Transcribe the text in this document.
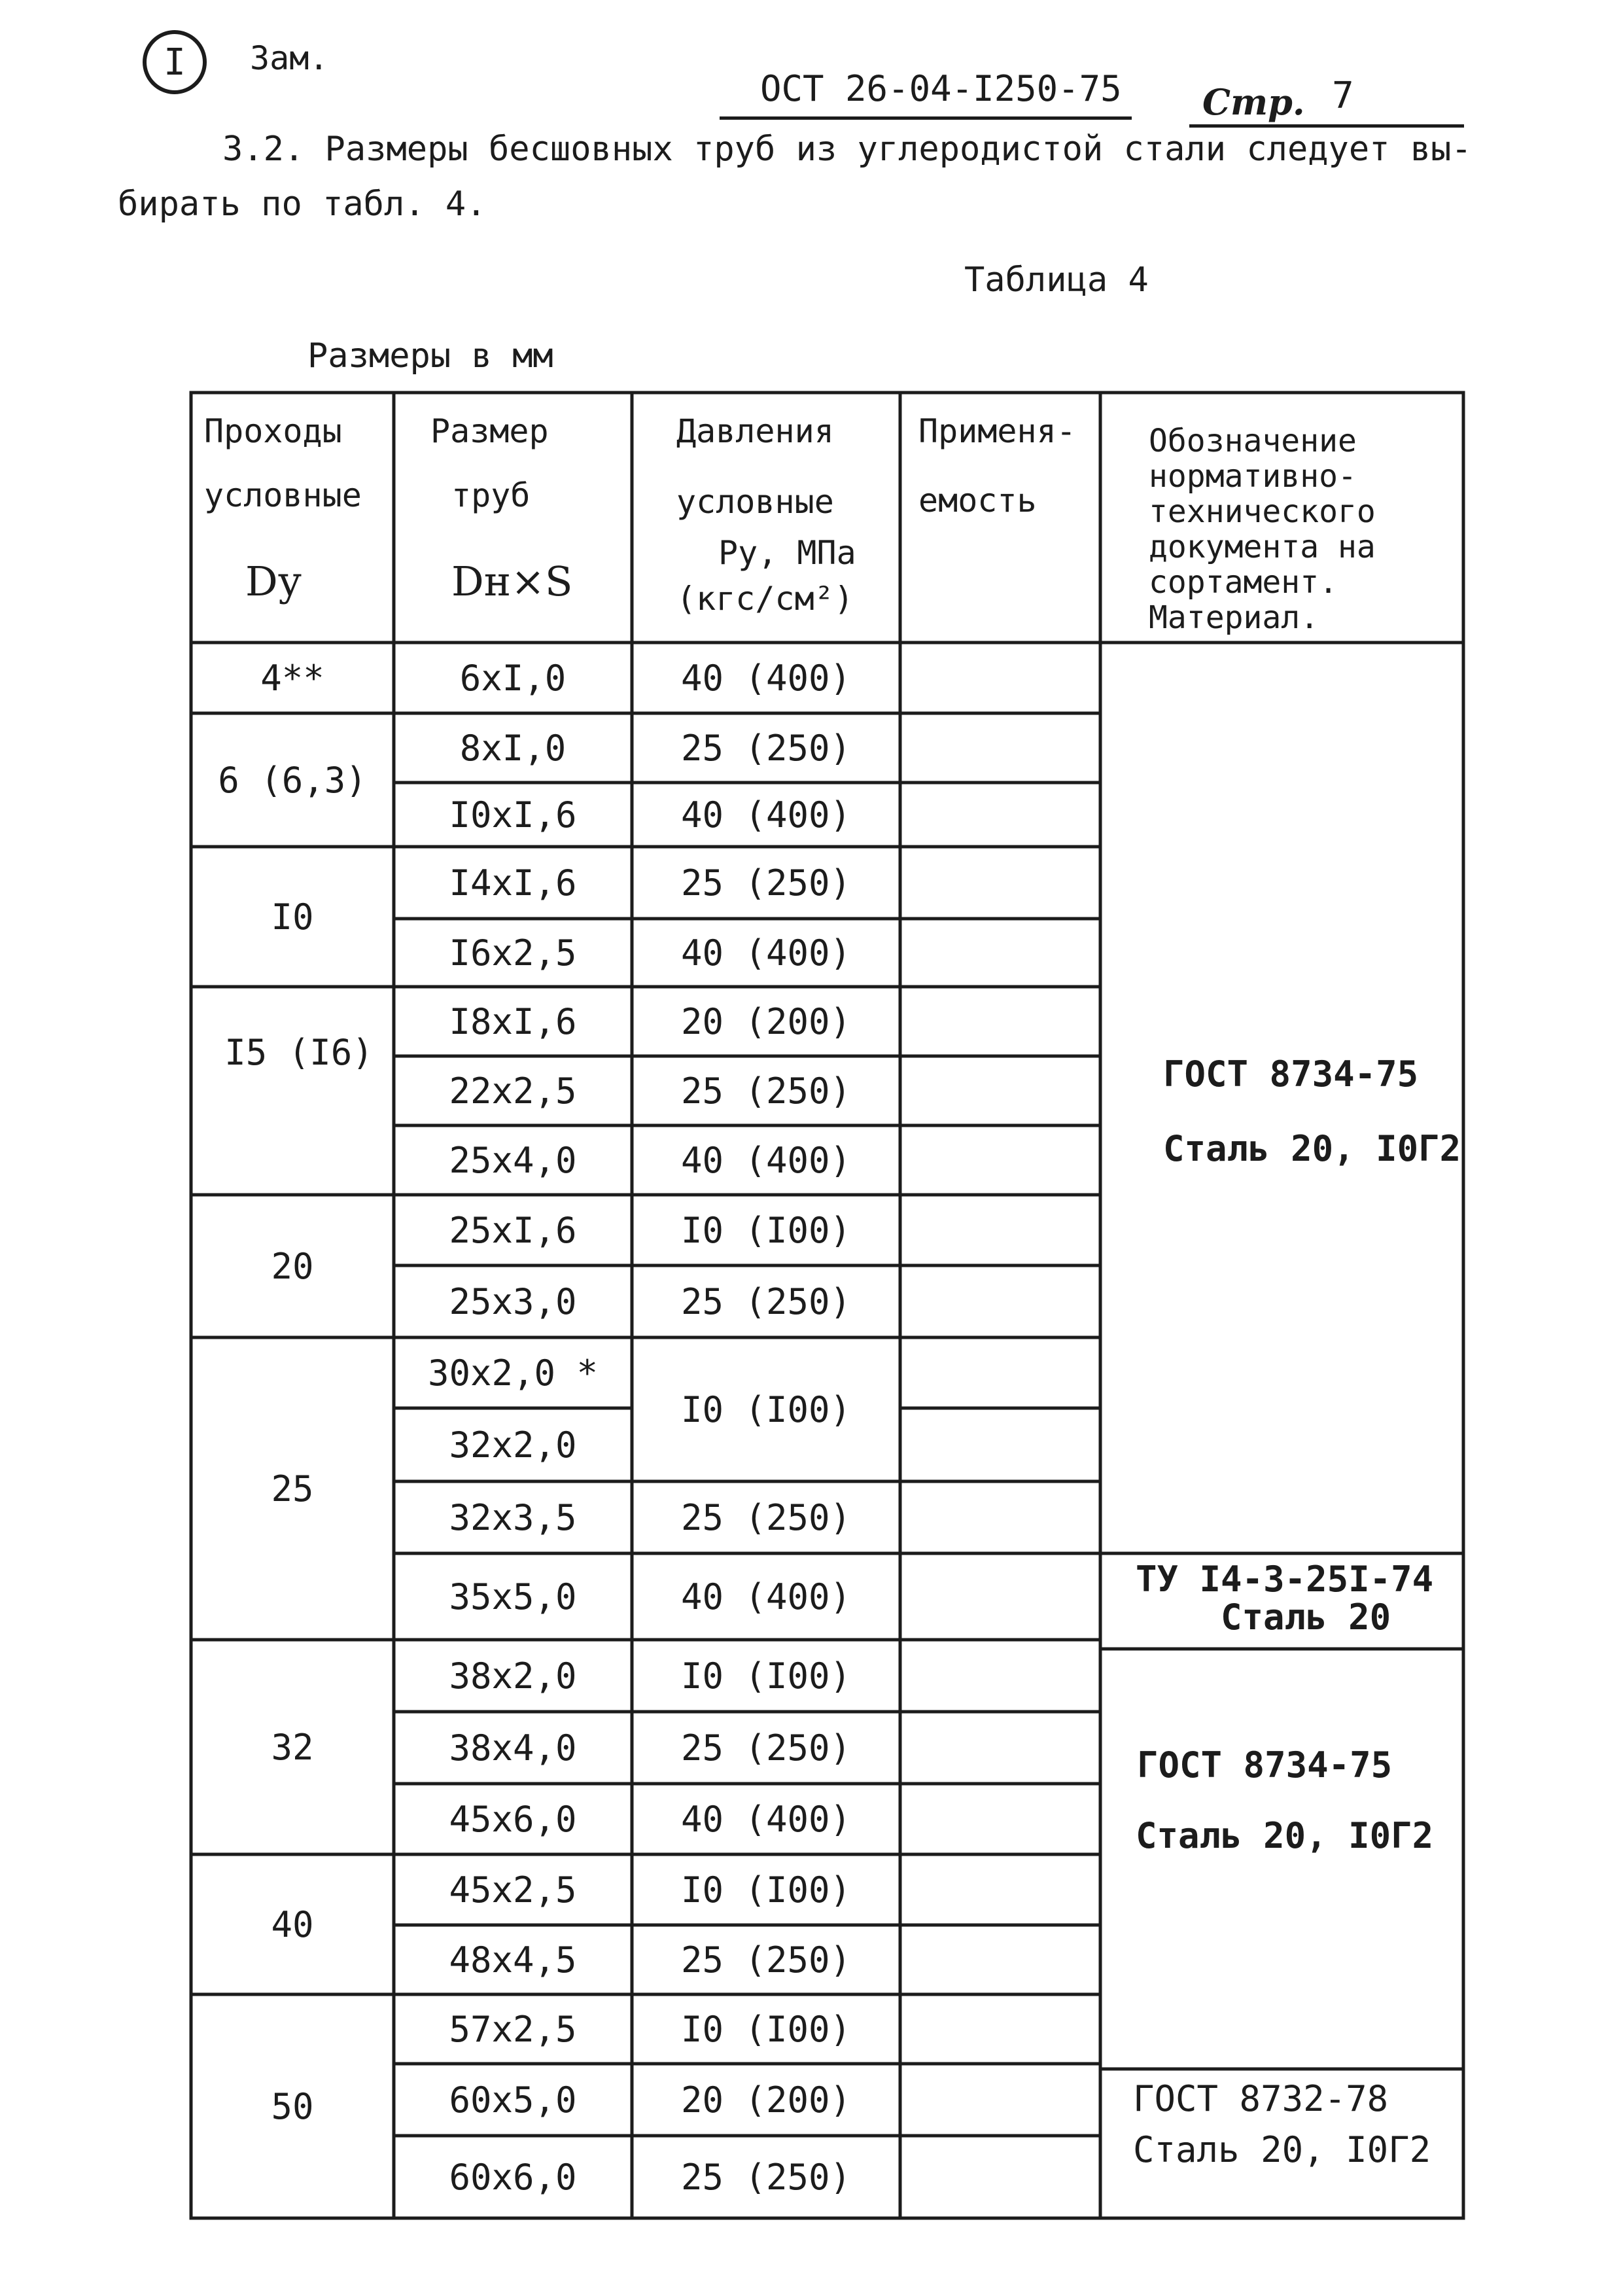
I Зам.
ОСТ 26-04-I250-75 Стр. 7
3.2. Размеры бесшовных труб из углеродистой стали следует вы-
бирать по табл. 4.
Таблица 4
Размеры в мм
Проходы
условные
Dу
Размер
труб
Dн×S
Давления
условные
Ру, МПа
(кгс/см²)
Применя-
емость
Обозначение
нормативно-
технического
документа на
сортамент.
Материал.
4**
6 (6,3)
I0
I5 (I6)
20
25
32
40
50
6xI,0
8xI,0
I0xI,6
I4xI,6
I6x2,5
I8xI,6
22x2,5
25x4,0
25xI,6
25x3,0
30x2,0 *
32x2,0
32x3,5
35x5,0
38x2,0
38x4,0
45x6,0
45x2,5
48x4,5
57x2,5
60x5,0
60x6,0
40 (400)
25 (250)
40 (400)
25 (250)
40 (400)
20 (200)
25 (250)
40 (400)
I0 (I00)
25 (250)
I0 (I00)
25 (250)
40 (400)
I0 (I00)
25 (250)
40 (400)
I0 (I00)
25 (250)
I0 (I00)
20 (200)
25 (250)
ГОСТ 8734-75
Сталь 20, I0Г2
ТУ I4-3-25I-74
Сталь 20
ГОСТ 8734-75
Сталь 20, I0Г2
ГОСТ 8732-78
Сталь 20, I0Г2
